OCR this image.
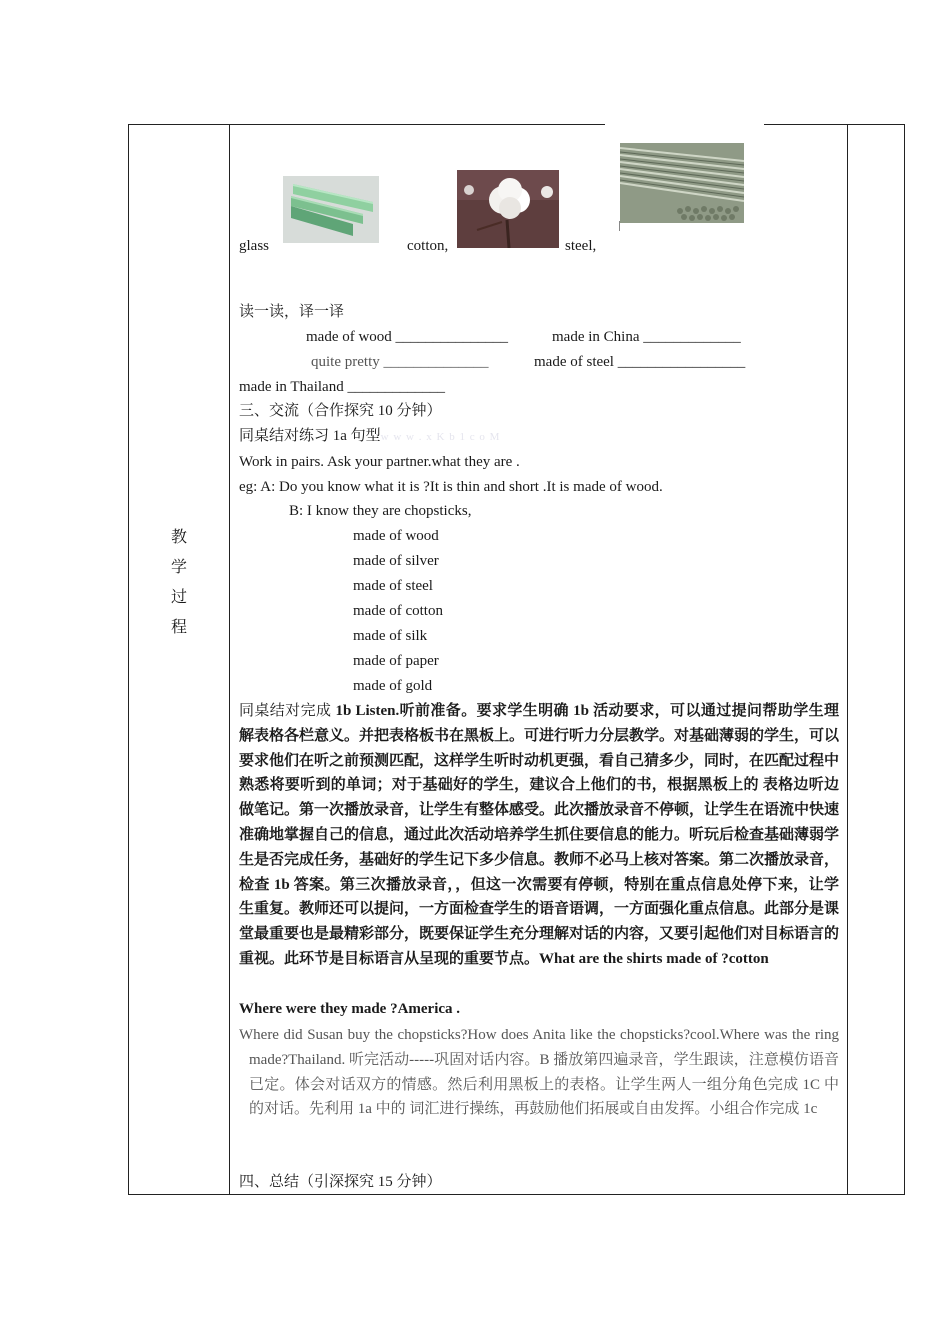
教
学
过
程
glass	cotton,	steel,
读一读，译一译
made of wood _______________	made in China _____________
quite pretty ______________	made of steel _________________
made in Thailand _____________
三、交流（合作探究 10 分钟）
同桌结对练习 1a 句型w w w . x K b 1 c o M
Work in pairs. Ask your partner.what they are .
eg: A: Do you know what it is ?It is thin and short .It is made of wood.
B: I know they are chopsticks,
made of wood
made of silver
made of steel
made of cotton
made of silk
made of paper
made of gold
同桌结对完成 1b Listen.听前准备。要求学生明确 1b 活动要求，可以通过提问帮助学生理解表格各栏意义。并把表格板书在黑板上。可进行听力分层教学。对基础薄弱的学生，可以要求他们在听之前预测匹配，这样学生听时动机更强，看自己猜多少，同时，在匹配过程中熟悉将要听到的单词；对于基础好的学生，建议合上他们的书，根据黑板上的 表格边听边做笔记。第一次播放录音，让学生有整体感受。此次播放录音不停顿，让学生在语流中快速准确地掌握自己的信息，通过此次活动培养学生抓住要信息的能力。听玩后检查基础薄弱学生是否完成任务，基础好的学生记下多少信息。教师不必马上核对答案。第二次播放录音，检查 1b 答案。第三次播放录音，，但这一次需要有停顿，特别在重点信息处停下来，让学生重复。教师还可以提问，一方面检查学生的语音语调，一方面强化重点信息。此部分是课堂最重要也是最精彩部分，既要保证学生充分理解对话的内容，又要引起他们对目标语言的重视。此环节是目标语言从呈现的重要节点。What are the shirts made of ?cotton
Where were they made ?America .
Where did Susan buy the chopsticks?How does Anita like the chopsticks?cool.Where was the ring made?Thailand. 听完活动-----巩固对话内容。B 播放第四遍录音，学生跟读，注意模仿语音已定。体会对话双方的情感。然后利用黑板上的表格。让学生两人一组分角色完成 1C 中的对话。先利用 1a 中的 词汇进行操练，再鼓励他们拓展或自由发挥。小组合作完成 1c
四、总结（引深探究 15 分钟）
